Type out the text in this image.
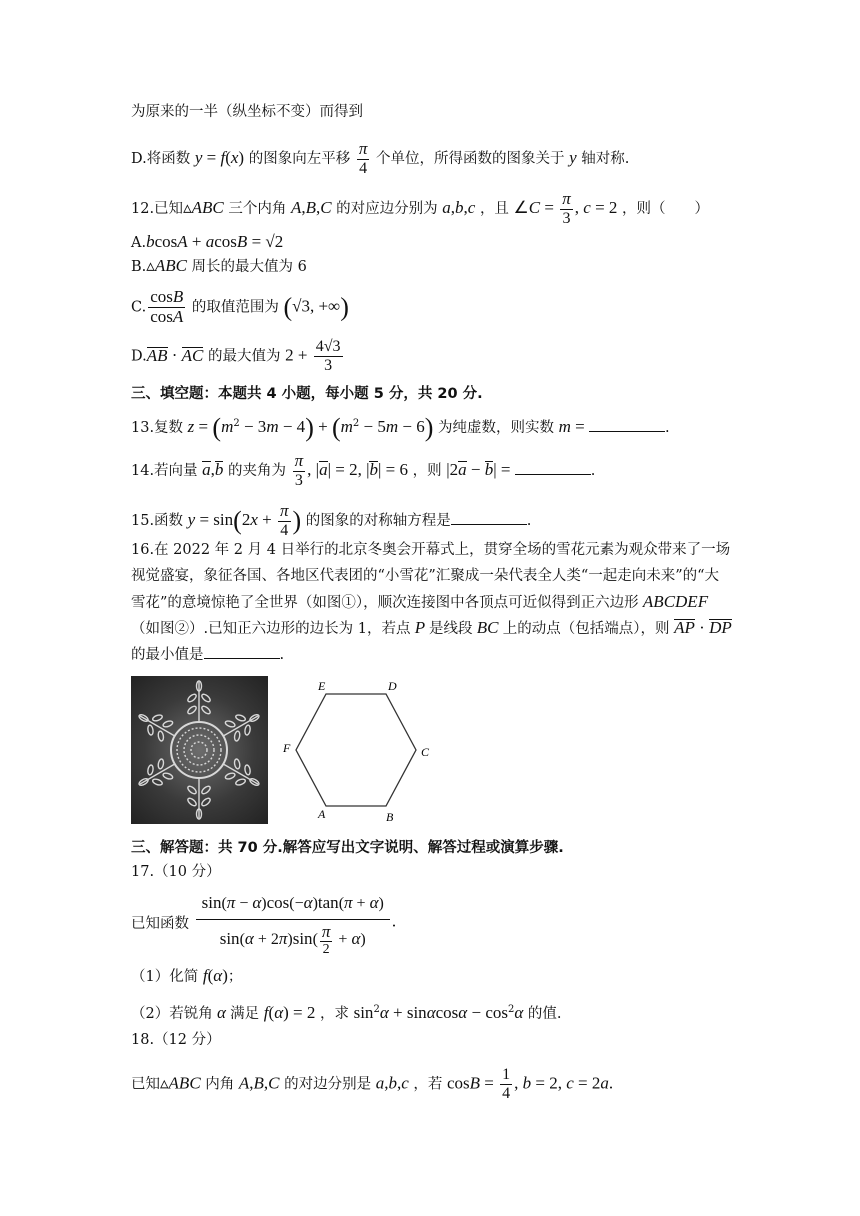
为原来的一半（纵坐标不变）而得到
D.将函数 y = f(x) 的图象向左平移 $\frac{\pi}{4}$ 个单位，所得函数的图象关于 y 轴对称.
12.已知▵ABC 三个内角 A,B,C 的对应边分别为 a,b,c ，且 ∠C = $\frac{\pi}{3}$ , c = 2 ，则（　　）
A.bcosA + acosB = √2
B.▵ABC 周长的最大值为 6
C. $\frac{\cos B}{\cos A}$ 的取值范围为 (√3, +∞)
D.AB · AC 的最大值为 $2 + \frac{4√3}{3}$
三、填空题：本题共 4 小题，每小题 5 分，共 20 分.
13.复数 $z = (m^2 - 3m - 4) + (m^2 - 5m - 6)$ 为纯虚数，则实数 m =	.
14.若向量 a,b 的夹角为 $\frac{\pi}{3}$ , |a| = 2, |b| = 6 ，则 |2a − b| =	.
15.函数 $y = \sin(2x + \frac{\pi}{4}$ ) 的图象的对称轴方程是	.
16.在 2022 年 2 月 4 日举行的北京冬奥会开幕式上，贯穿全场的雪花元素为观众带来了一场
视觉盛宴，象征各国、各地区代表团的“小雪花”汇聚成一朵代表全人类“一起走向未来”的“大
雪花”的意境惊艳了全世界（如图①），顺次连接图中各顶点可近似得到正六边形 ABCDEF
（如图②）.已知正六边形的边长为 1，若点 P 是线段 BC 上的动点（包括端点），则 AP · DP
的最小值是	.
E	D
F	C
A	B
三、解答题：共 70 分.解答应写出文字说明、解答过程或演算步骤.
17.（10 分）
已知函数 $\frac{\sin(\pi - \alpha)\cos(-\alpha)\tan(\pi + \alpha)}{\sin(\alpha + 2\pi)\sin( \frac{\pi}{2} + \alpha)}$ .
（1）化简 f(α)；
（2）若锐角 α 满足 f(α) = 2 ，求 $\sin^2\alpha + \sin\alpha\cos\alpha - \cos^2\alpha$ 的值.
18.（12 分）
已知▵ABC 内角 A,B,C 的对边分别是 a,b,c ，若 $\cos B = \frac{1}{4}$ , b = 2, c = 2a.
